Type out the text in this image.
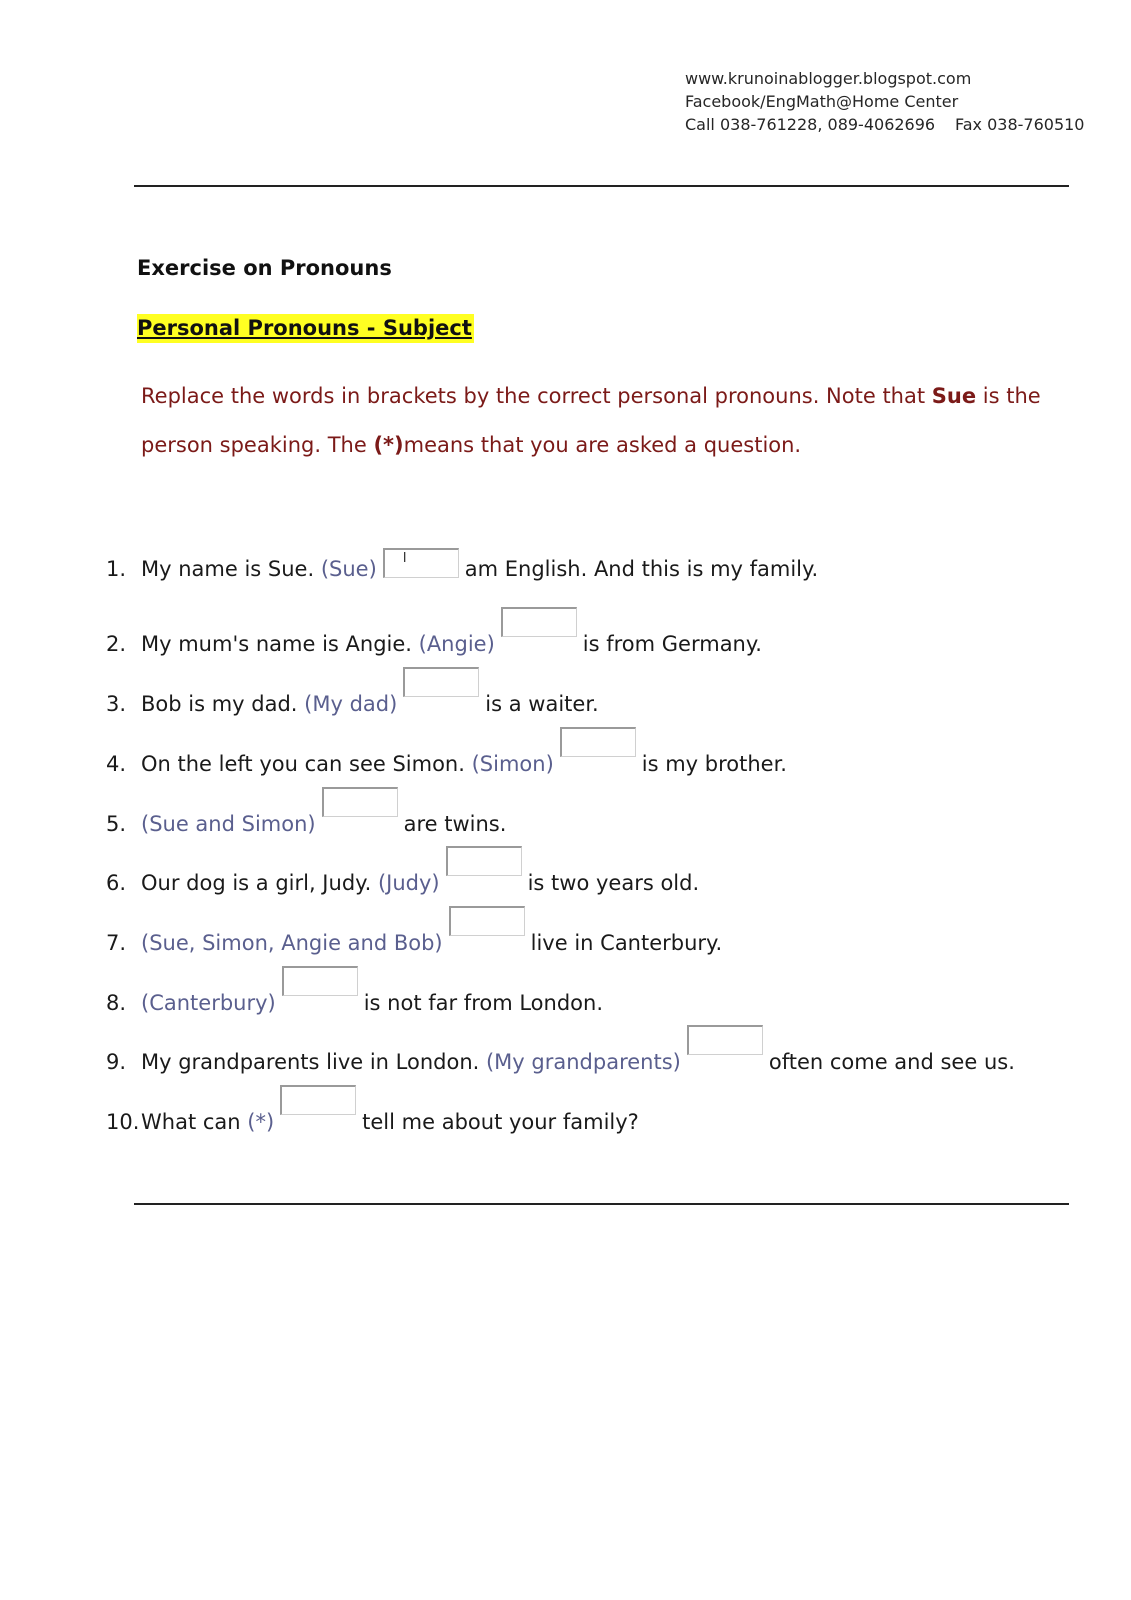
www.krunoinablogger.blogspot.com
Facebook/EngMath@Home Center
Call 038-761228, 089-4062696 Fax 038-760510
Exercise on Pronouns
Personal Pronouns - Subject
Replace the words in brackets by the correct personal pronouns. Note that Sue is the person speaking. The (*)means that you are asked a question.
1. My name is Sue. (Sue) I	am English. And this is my family.
2. My mum's name is Angie. (Angie)	is from Germany.
3. Bob is my dad. (My dad)	is a waiter.
4. On the left you can see Simon. (Simon)	is my brother.
5. (Sue and Simon)	are twins.
6. Our dog is a girl, Judy. (Judy)	is two years old.
7. (Sue, Simon, Angie and Bob)	live in Canterbury.
8. (Canterbury)	is not far from London.
9. My grandparents live in London. (My grandparents)	often come and see us.
10.What can (*)	tell me about your family?
